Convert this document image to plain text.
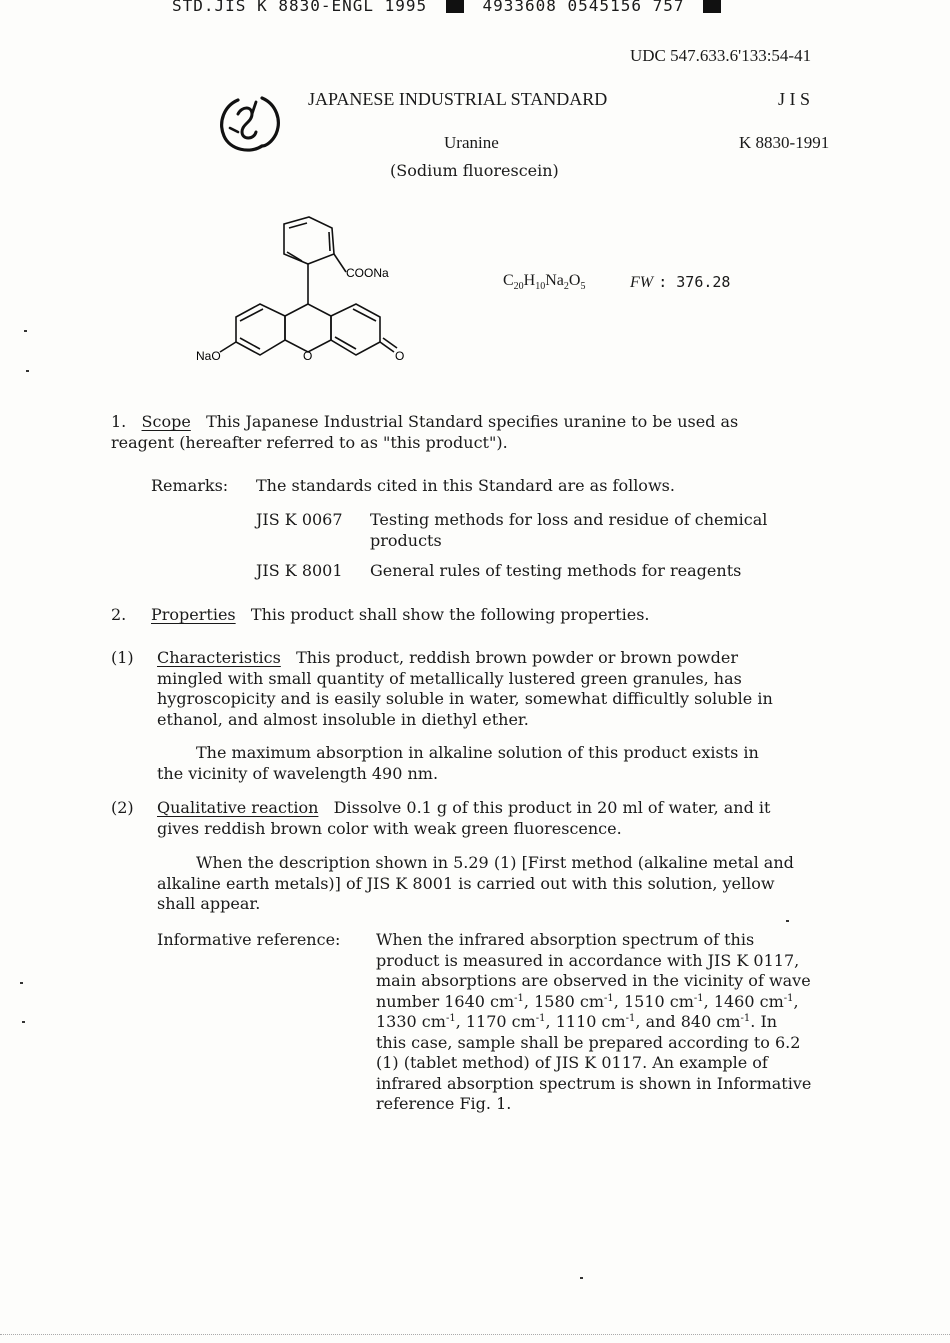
STD.JIS K 8830-ENGL 1995	4933608 0545156 757
UDC 547.633.6'133:54-41
JAPANESE INDUSTRIAL STANDARD	J I S
K 8830-1991
Uranine
(Sodium fluorescein)
COONa
NaO	O	O
$C_{20}H_{10}Na_2O_5$	FW : 376.28
1. Scope This Japanese Industrial Standard specifies uranine to be used as
reagent (hereafter referred to as "this product").
Remarks: The standards cited in this Standard are as follows.
JIS K 0067 Testing methods for loss and residue of chemical
products
JIS K 8001 General rules of testing methods for reagents
2. Properties This product shall show the following properties.
(1) Characteristics This product, reddish brown powder or brown powder
mingled with small quantity of metallically lustered green granules, has
hygroscopicity and is easily soluble in water, somewhat difficultly soluble in
ethanol, and almost insoluble in diethyl ether.
The maximum absorption in alkaline solution of this product exists in
the vicinity of wavelength 490 nm.
(2) Qualitative reaction Dissolve 0.1 g of this product in 20 ml of water, and it
gives reddish brown color with weak green fluorescence.
When the description shown in 5.29 (1) [First method (alkaline metal and
alkaline earth metals)] of JIS K 8001 is carried out with this solution, yellow
shall appear.
Informative reference: When the infrared absorption spectrum of this
product is measured in accordance with JIS K 0117,
main absorptions are observed in the vicinity of wave
number 1640 $cm^{-1}$, 1580 $cm^{-1}$, 1510 $cm^{-1}$, 1460 $cm^{-1}$,
1330 $cm^{-1}$, 1170 $cm^{-1}$, 1110 $cm^{-1}$, and 840 $cm^{-1}$. In
this case, sample shall be prepared according to 6.2
(1) (tablet method) of JIS K 0117. An example of
infrared absorption spectrum is shown in Informative
reference Fig. 1.
